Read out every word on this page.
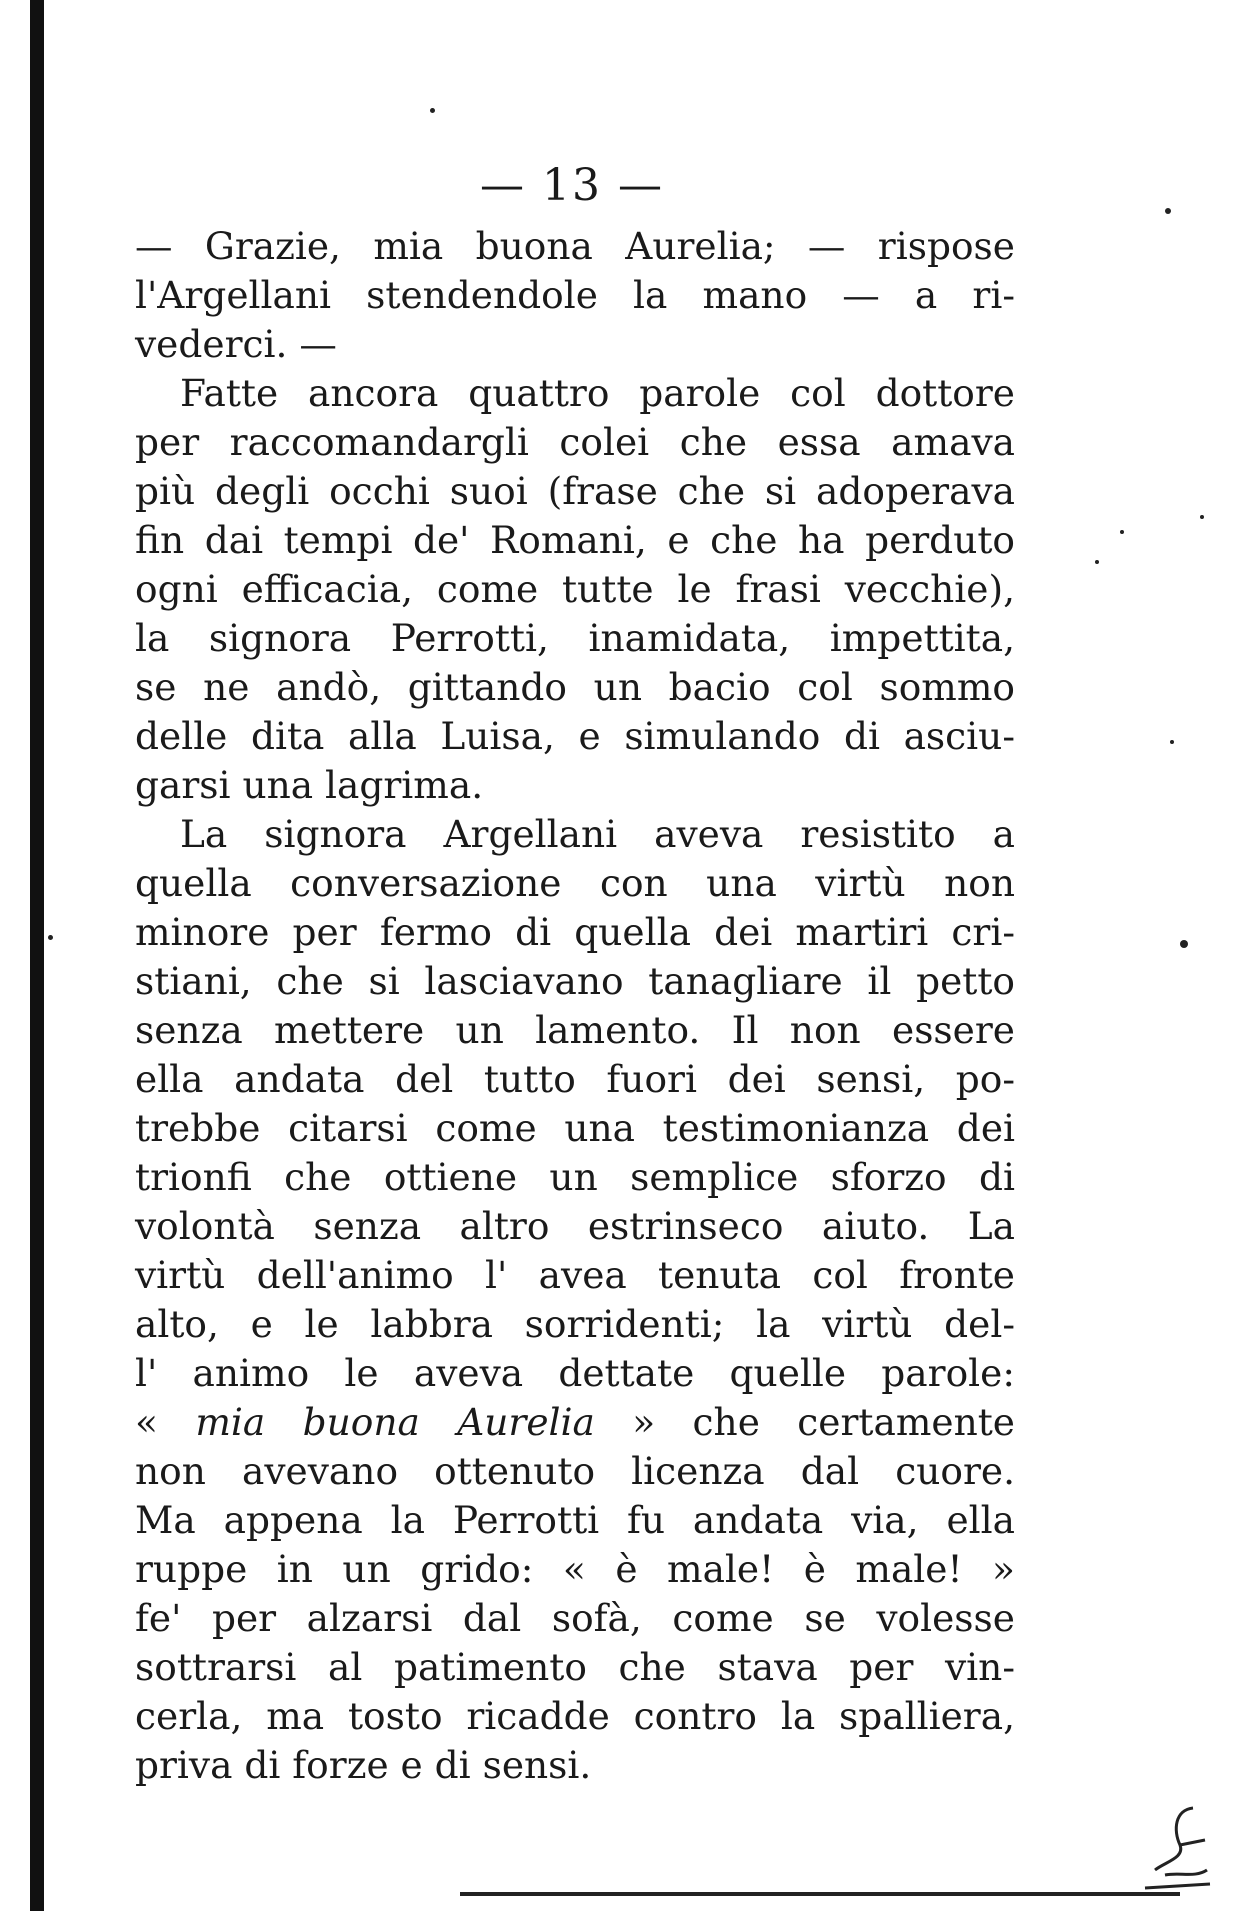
— 13 —
— Grazie, mia buona Aurelia; — rispose
l'Argellani stendendole la mano — a ri-
vederci. —
Fatte ancora quattro parole col dottore
per raccomandargli colei che essa amava
più degli occhi suoi (frase che si adoperava
fin dai tempi de' Romani, e che ha perduto
ogni efficacia, come tutte le frasi vecchie),
la signora Perrotti, inamidata, impettita,
se ne andò, gittando un bacio col sommo
delle dita alla Luisa, e simulando di asciu-
garsi una lagrima.
La signora Argellani aveva resistito a
quella conversazione con una virtù non
minore per fermo di quella dei martiri cri-
stiani, che si lasciavano tanagliare il petto
senza mettere un lamento. Il non essere
ella andata del tutto fuori dei sensi, po-
trebbe citarsi come una testimonianza dei
trionfi che ottiene un semplice sforzo di
volontà senza altro estrinseco aiuto. La
virtù dell'animo l' avea tenuta col fronte
alto, e le labbra sorridenti; la virtù del-
l' animo le aveva dettate quelle parole:
« mia buona Aurelia » che certamente
non avevano ottenuto licenza dal cuore.
Ma appena la Perrotti fu andata via, ella
ruppe in un grido: « è male! è male! »
fe' per alzarsi dal sofà, come se volesse
sottrarsi al patimento che stava per vin-
cerla, ma tosto ricadde contro la spalliera,
priva di forze e di sensi.
